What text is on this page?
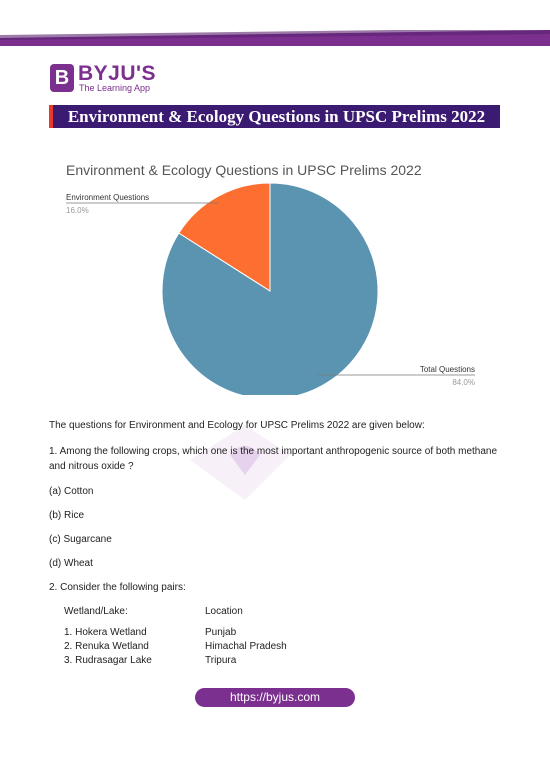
B BYJU'S
The Learning App
Environment & Ecology Questions in UPSC Prelims 2022
Environment & Ecology Questions in UPSC Prelims 2022
Environment Questions
16.0%
Total Questions
84.0%
The questions for Environment and Ecology for UPSC Prelims 2022 are given below:
1. Among the following crops, which one is the most important anthropogenic source of both methane
and nitrous oxide ?
(a) Cotton
(b) Rice
(c) Sugarcane
(d) Wheat
2. Consider the following pairs:
Wetland/Lake:	Location
1. Hokera Wetland	Punjab
2. Renuka Wetland	Himachal Pradesh
3. Rudrasagar Lake	Tripura
https://byjus.com
